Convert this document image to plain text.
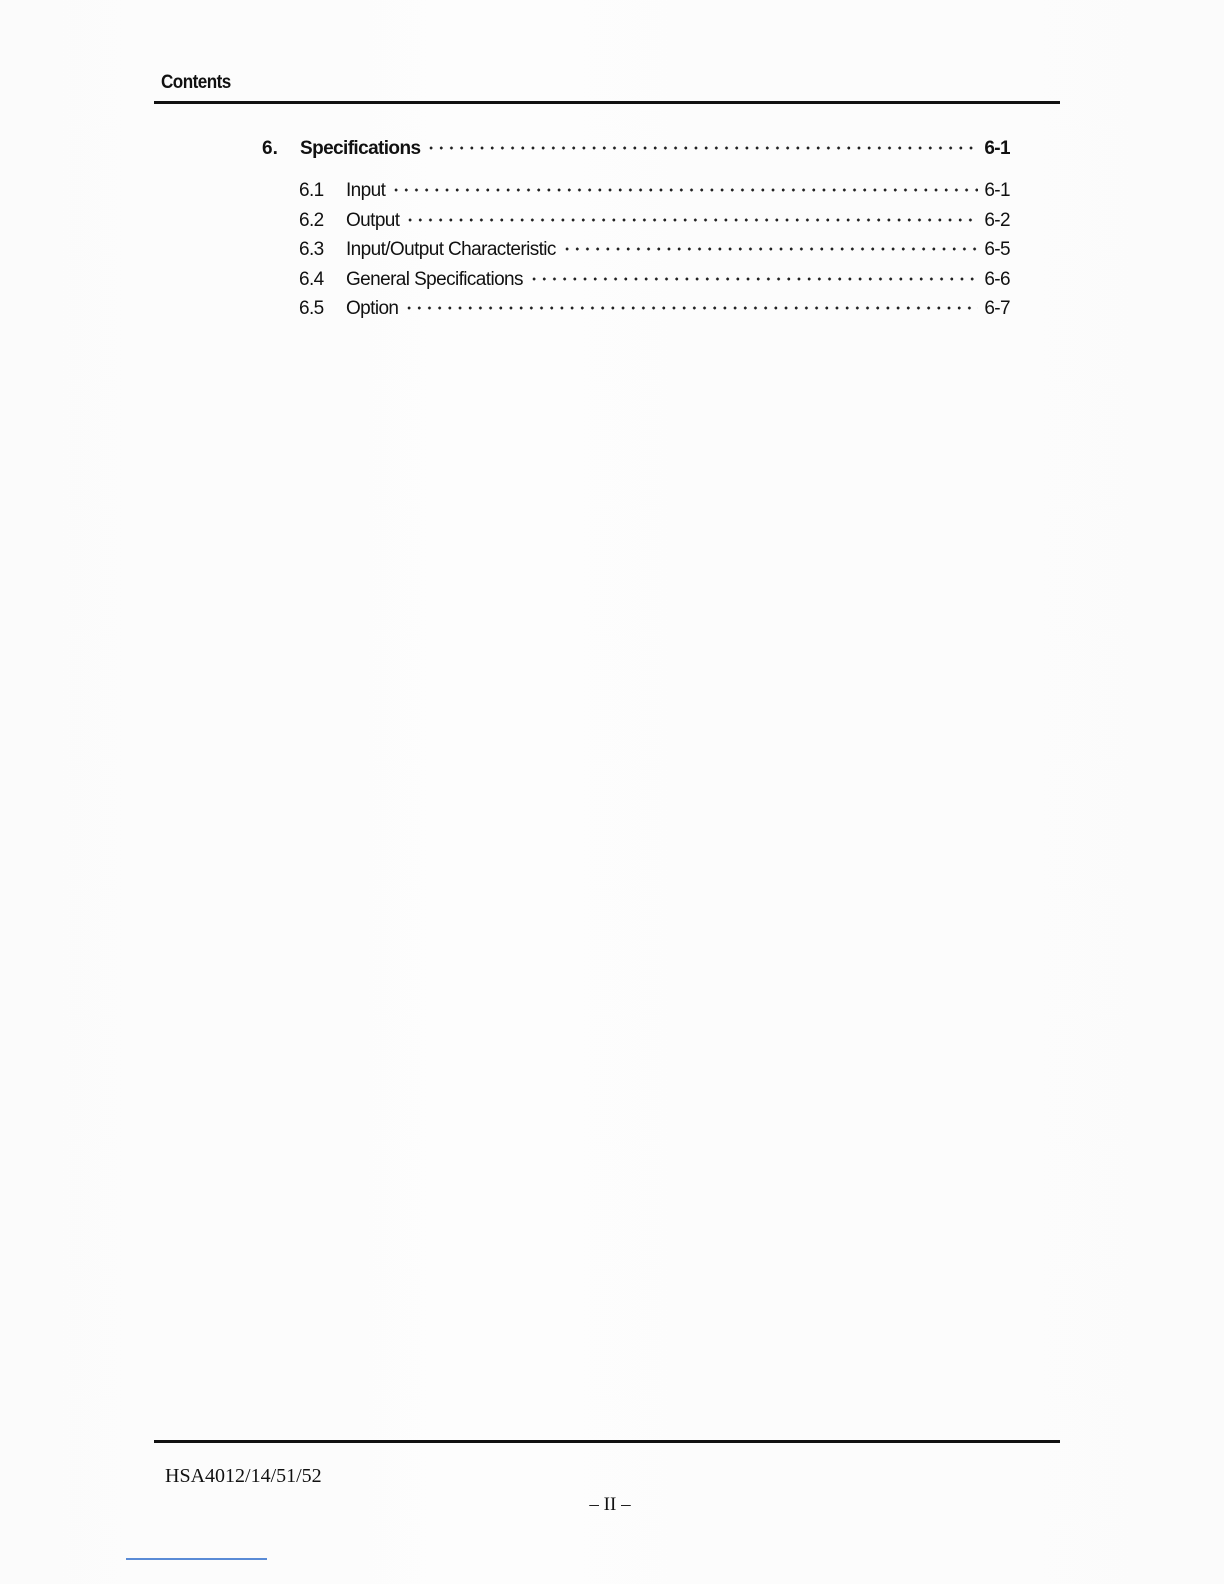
Contents
6.	Specifications	6-1
6.1	Input	6-1
6.2	Output	6-2
6.3	Input/Output Characteristic	6-5
6.4	General Specifications	6-6
6.5	Option	6-7
HSA4012/14/51/52
– II –
